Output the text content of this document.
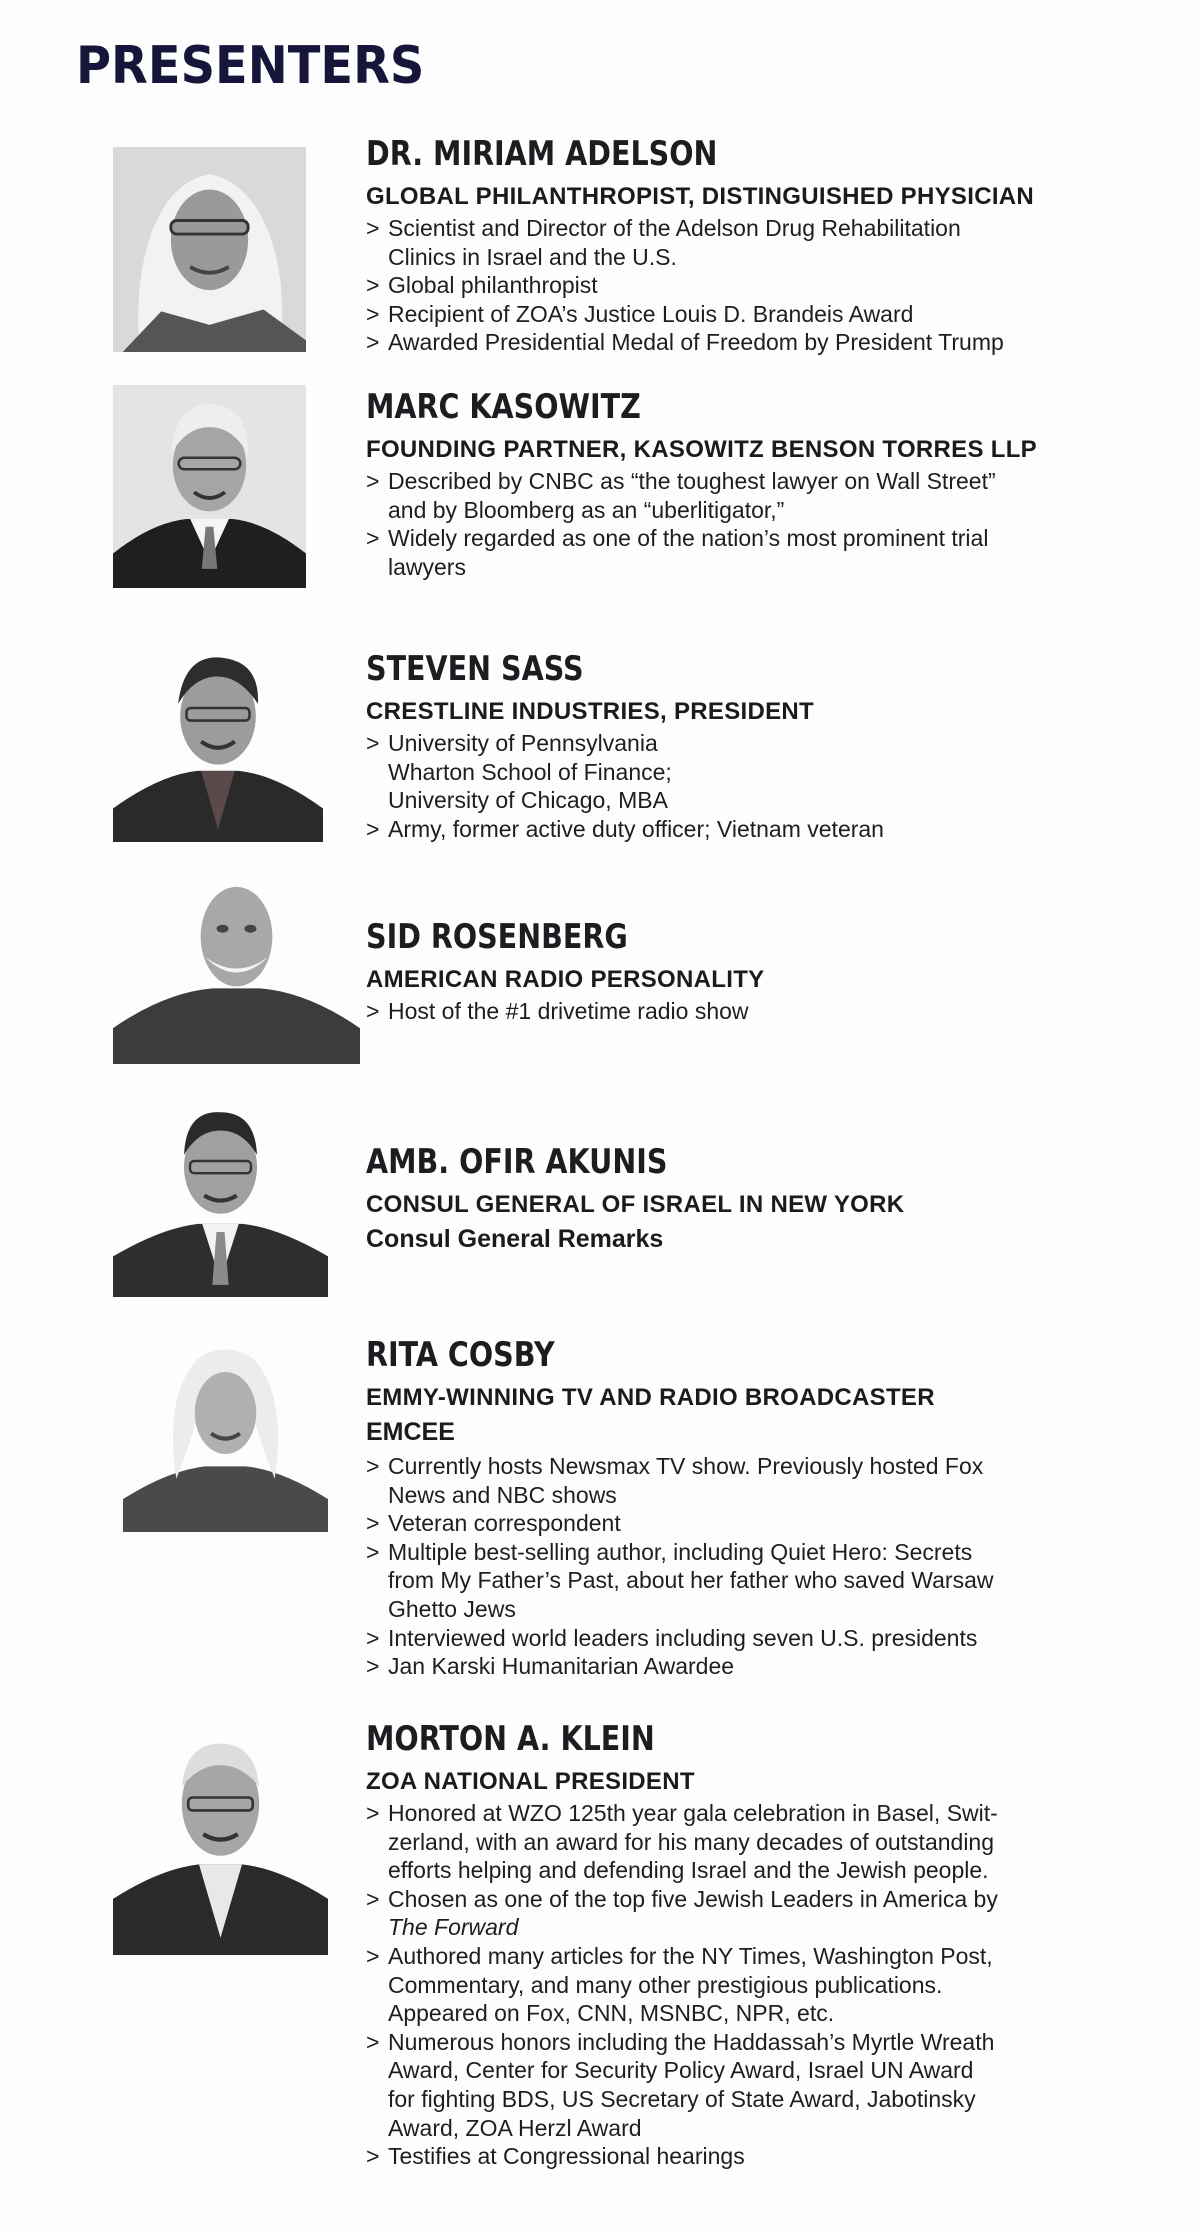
PRESENTERS
DR. MIRIAM ADELSON

GLOBAL PHILANTHROPIST, DISTINGUISHED PHYSICIAN

> Scientist and Director of the Adelson Drug Rehabilitation
Clinics in Israel and the U.S.
> Global philanthropist
> Recipient of ZOA’s Justice Louis D. Brandeis Award
> Awarded Presidential Medal of Freedom by President Trump
MARC KASOWITZ

FOUNDING PARTNER, KASOWITZ BENSON TORRES LLP

> Described by CNBC as “the toughest lawyer on Wall Street”
and by Bloomberg as an “uberlitigator,”
> Widely regarded as one of the nation’s most prominent trial
lawyers
STEVEN SASS

CRESTLINE INDUSTRIES, PRESIDENT

> University of Pennsylvania
Wharton School of Finance;
University of Chicago, MBA
> Army, former active duty officer; Vietnam veteran
SID ROSENBERG

AMERICAN RADIO PERSONALITY

> Host of the #1 drivetime radio show
AMB. OFIR AKUNIS

CONSUL GENERAL OF ISRAEL IN NEW YORK

Consul General Remarks

RITA COSBY

EMMY-WINNING TV AND RADIO BROADCASTER

EMCEE

> Currently hosts Newsmax TV show. Previously hosted Fox
News and NBC shows
> Veteran correspondent
> Multiple best-selling author, including Quiet Hero: Secrets
from My Father’s Past, about her father who saved Warsaw
Ghetto Jews
> Interviewed world leaders including seven U.S. presidents
> Jan Karski Humanitarian Awardee
MORTON A. KLEIN

ZOA NATIONAL PRESIDENT

> Honored at WZO 125th year gala celebration in Basel, Swit-
zerland, with an award for his many decades of outstanding
efforts helping and defending Israel and the Jewish people.
> Chosen as one of the top five Jewish Leaders in America by
The Forward
> Authored many articles for the NY Times, Washington Post,
Commentary, and many other prestigious publications.
Appeared on Fox, CNN, MSNBC, NPR, etc.
> Numerous honors including the Haddassah’s Myrtle Wreath
Award, Center for Security Policy Award, Israel UN Award
for fighting BDS, US Secretary of State Award, Jabotinsky
Award, ZOA Herzl Award
> Testifies at Congressional hearings
